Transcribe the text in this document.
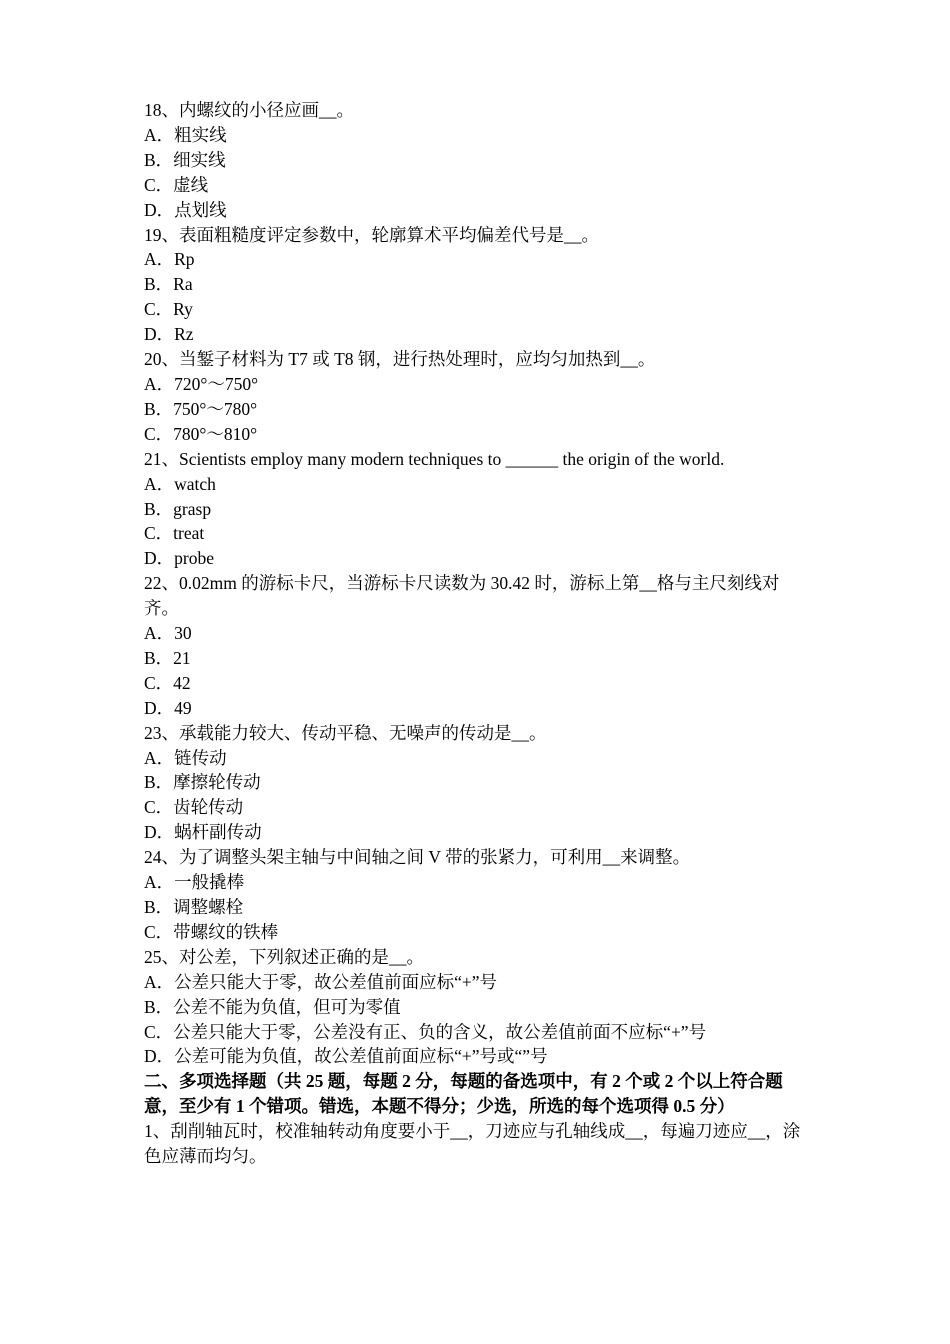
18、内螺纹的小径应画__。

A．粗实线

B．细实线

C．虚线

D．点划线

19、表面粗糙度评定参数中，轮廓算术平均偏差代号是__。

A．Rp

B．Ra

C．Ry

D．Rz

20、当錾子材料为 T7 或 T8 钢，进行热处理时，应均匀加热到__。

A．720°～750°

B．750°～780°

C．780°～810°

21、Scientists employ many modern techniques to ______ the origin of the world.

A．watch

B．grasp

C．treat

D．probe

22、0.02mm 的游标卡尺，当游标卡尺读数为 30.42 时，游标上第__格与主尺刻线对齐。

A．30

B．21

C．42

D．49

23、承载能力较大、传动平稳、无噪声的传动是__。

A．链传动

B．摩擦轮传动

C．齿轮传动

D．蜗杆副传动

24、为了调整头架主轴与中间轴之间 V 带的张紧力，可利用__来调整。

A．一般撬棒

B．调整螺栓

C．带螺纹的铁棒

25、对公差，下列叙述正确的是__。

A．公差只能大于零，故公差值前面应标“+”号

B．公差不能为负值，但可为零值

C．公差只能大于零，公差没有正、负的含义，故公差值前面不应标“+”号

D．公差可能为负值，故公差值前面应标“+”号或“”号

二、多项选择题（共 25 题，每题 2 分，每题的备选项中，有 2 个或 2 个以上符合题意，至少有 1 个错项。错选，本题不得分；少选，所选的每个选项得 0.5 分）

1、刮削轴瓦时，校准轴转动角度要小于__，刀迹应与孔轴线成__，每遍刀迹应__，涂色应薄而均匀。
